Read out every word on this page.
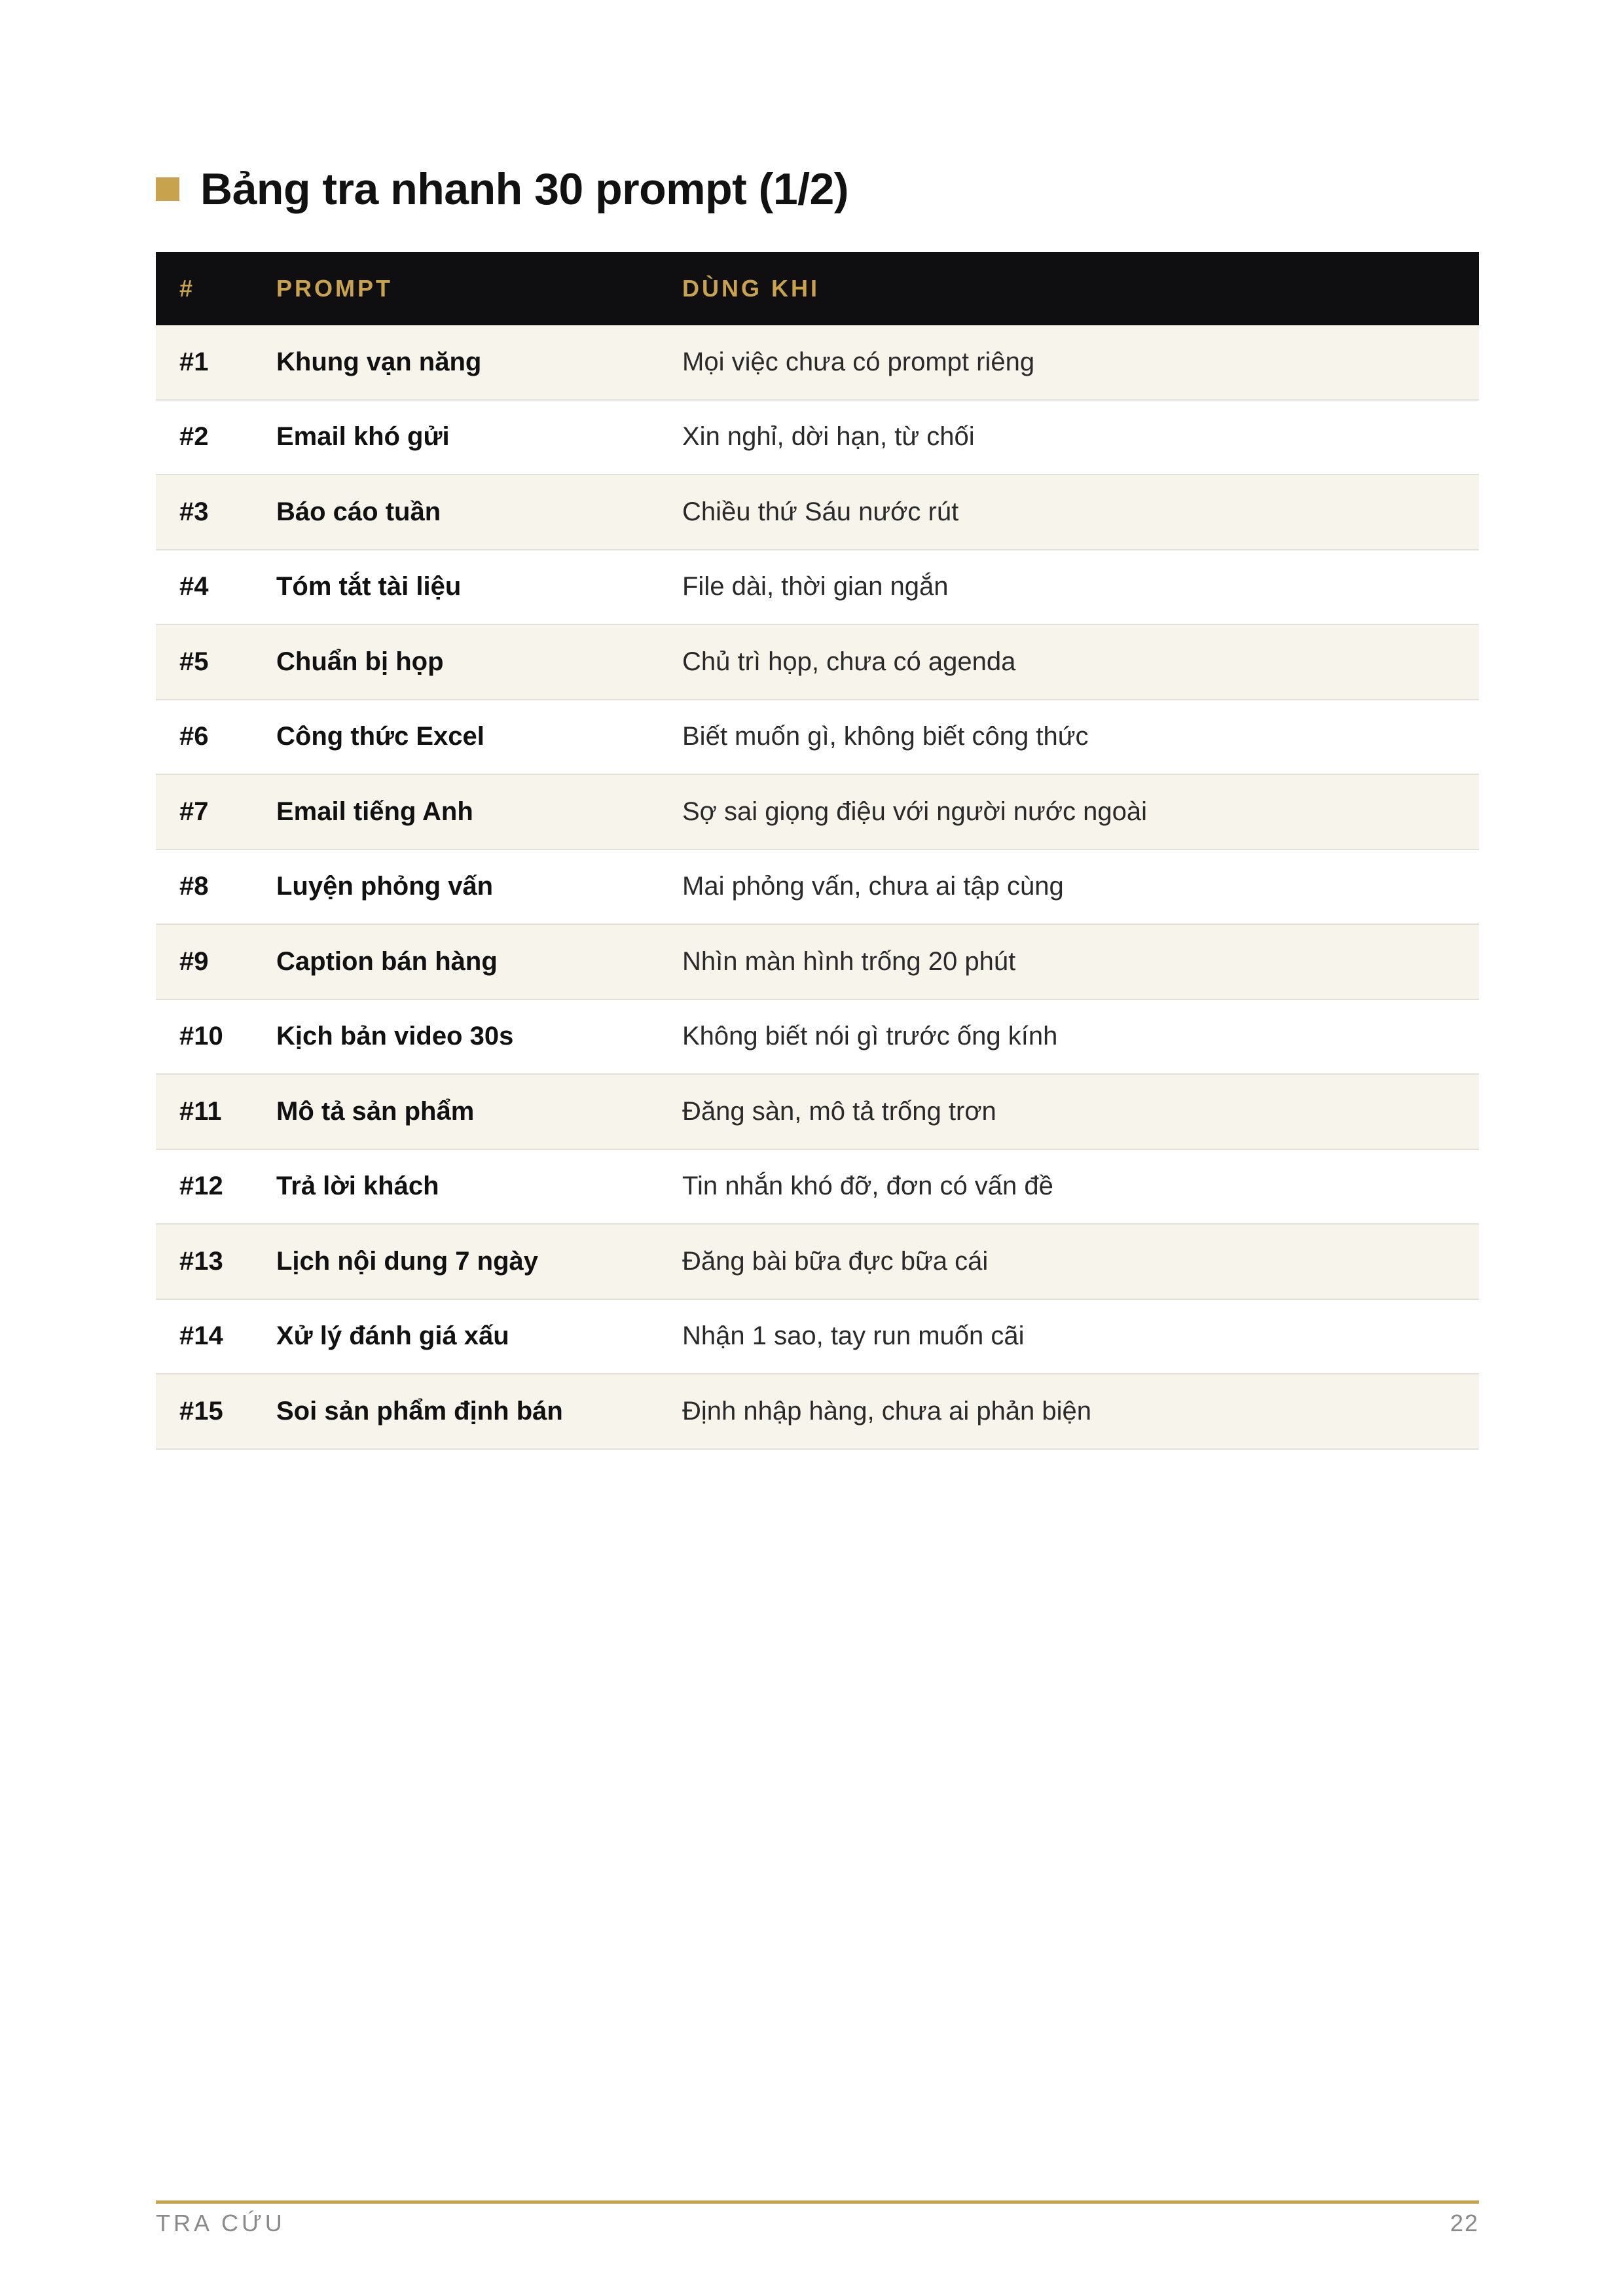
Bảng tra nhanh 30 prompt (1/2)
#	PROMPT	DÙNG KHI
#1	Khung vạn năng	Mọi việc chưa có prompt riêng
#2	Email khó gửi	Xin nghỉ, dời hạn, từ chối
#3	Báo cáo tuần	Chiều thứ Sáu nước rút
#4	Tóm tắt tài liệu	File dài, thời gian ngắn
#5	Chuẩn bị họp	Chủ trì họp, chưa có agenda
#6	Công thức Excel	Biết muốn gì, không biết công thức
#7	Email tiếng Anh	Sợ sai giọng điệu với người nước ngoài
#8	Luyện phỏng vấn	Mai phỏng vấn, chưa ai tập cùng
#9	Caption bán hàng	Nhìn màn hình trống 20 phút
#10	Kịch bản video 30s	Không biết nói gì trước ống kính
#11	Mô tả sản phẩm	Đăng sàn, mô tả trống trơn
#12	Trả lời khách	Tin nhắn khó đỡ, đơn có vấn đề
#13	Lịch nội dung 7 ngày	Đăng bài bữa đực bữa cái
#14	Xử lý đánh giá xấu	Nhận 1 sao, tay run muốn cãi
#15	Soi sản phẩm định bán	Định nhập hàng, chưa ai phản biện
TRA CỨU	22
